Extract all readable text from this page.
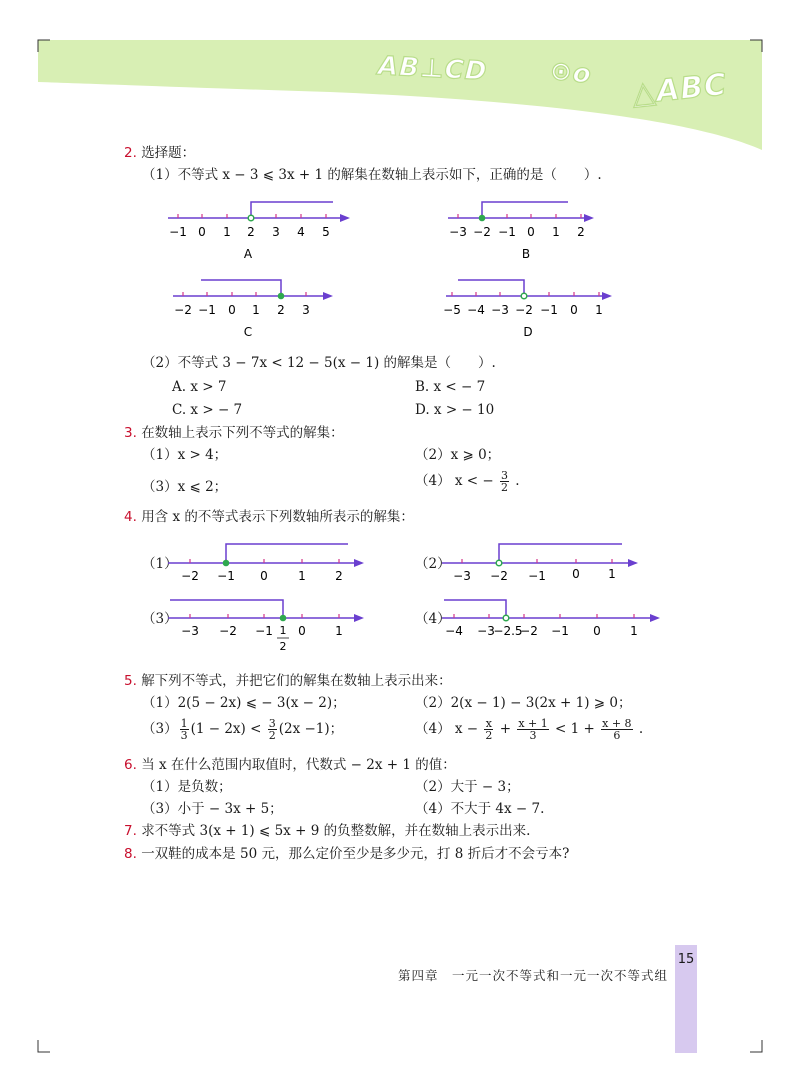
AB⊥CD ⊙o △ABC
2. 选择题：
（1）不等式 x − 3 ⩽ 3x + 1 的解集在数轴上表示如下，正确的是（　　）.
−1 0 1 2 3 4 5
A
−3 −2 −1 0 1 2
B
−2 −1 0 1 2 3
C
−5 −4 −3 −2 −1 0 1
D
（2）不等式 3 − 7x < 12 − 5(x − 1) 的解集是（　　）.
A. x > 7	B. x < − 7
C. x > − 7	D. x > − 10
3. 在数轴上表示下列不等式的解集：
（1）x > 4；	（2）x ⩾ 0；
（3）x ⩽ 2；	（4） x < − $\frac{3}{2}$ .
4. 用含 x 的不等式表示下列数轴所表示的解集：
（1）
−2 −1 0	1 2
（2）
−3 −2 −1 0 1
（3）
−3 −2 −1 0 1
1
2
（4）
−4 −3
−2.5
−2 −1 0 1
5. 解下列不等式，并把它们的解集在数轴上表示出来：
（1）2(5 − 2x) ⩽ − 3(x − 2)；	（2）2(x − 1) − 3(2x + 1) ⩾ 0；
$(3) \frac{1}{3} (1 - 2x) < \frac{3}{2} (2x -1)$；	（4） $x - \frac{x}{2} + \frac{x + 1}{3} < 1 + \frac{x + 8}{6}$ .
6. 当 x 在什么范围内取值时，代数式 − 2x + 1 的值：
（1）是负数；	（2）大于 − 3；
（3）小于 − 3x + 5；	（4）不大于 4x − 7.
7. 求不等式 3(x + 1) ⩽ 5x + 9 的负整数解，并在数轴上表示出来.
8. 一双鞋的成本是 50 元，那么定价至少是多少元，打 8 折后才不会亏本?
第四章 一元一次不等式和一元一次不等式组
15
